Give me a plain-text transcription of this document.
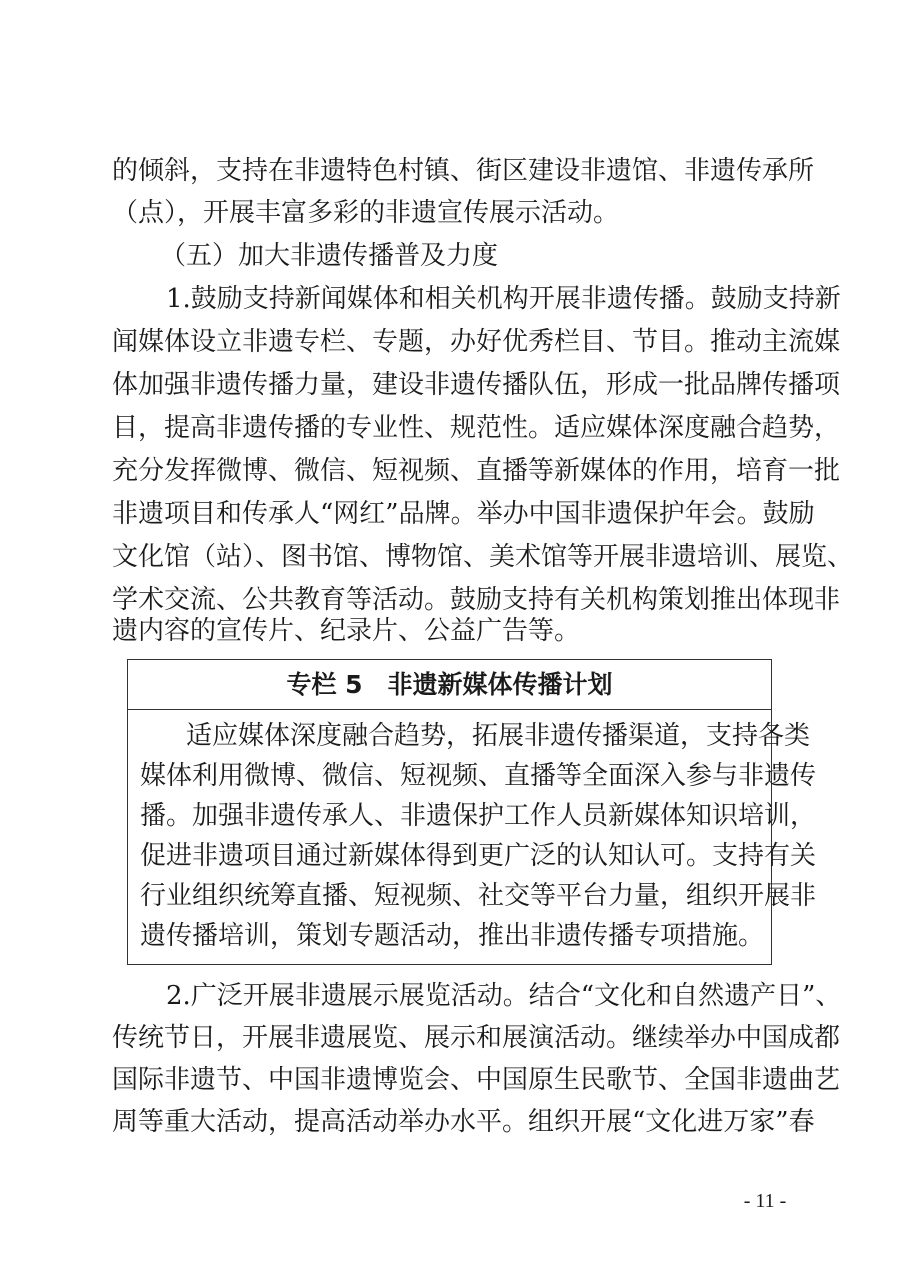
的倾斜，支持在非遗特色村镇、街区建设非遗馆、非遗传承所
（点），开展丰富多彩的非遗宣传展示活动。
（五）加大非遗传播普及力度
1.鼓励支持新闻媒体和相关机构开展非遗传播。鼓励支持新
闻媒体设立非遗专栏、专题，办好优秀栏目、节目。推动主流媒
体加强非遗传播力量，建设非遗传播队伍，形成一批品牌传播项
目，提高非遗传播的专业性、规范性。适应媒体深度融合趋势，
充分发挥微博、微信、短视频、直播等新媒体的作用，培育一批
非遗项目和传承人“网红”品牌。举办中国非遗保护年会。鼓励
文化馆（站）、图书馆、博物馆、美术馆等开展非遗培训、展览、
学术交流、公共教育等活动。鼓励支持有关机构策划推出体现非
遗内容的宣传片、纪录片、公益广告等。
专栏 5　非遗新媒体传播计划
适应媒体深度融合趋势，拓展非遗传播渠道，支持各类
媒体利用微博、微信、短视频、直播等全面深入参与非遗传
播。加强非遗传承人、非遗保护工作人员新媒体知识培训，
促进非遗项目通过新媒体得到更广泛的认知认可。支持有关
行业组织统筹直播、短视频、社交等平台力量，组织开展非
遗传播培训，策划专题活动，推出非遗传播专项措施。
2.广泛开展非遗展示展览活动。结合“文化和自然遗产日”、
传统节日，开展非遗展览、展示和展演活动。继续举办中国成都
国际非遗节、中国非遗博览会、中国原生民歌节、全国非遗曲艺
周等重大活动，提高活动举办水平。组织开展“文化进万家”春
- 11 -
